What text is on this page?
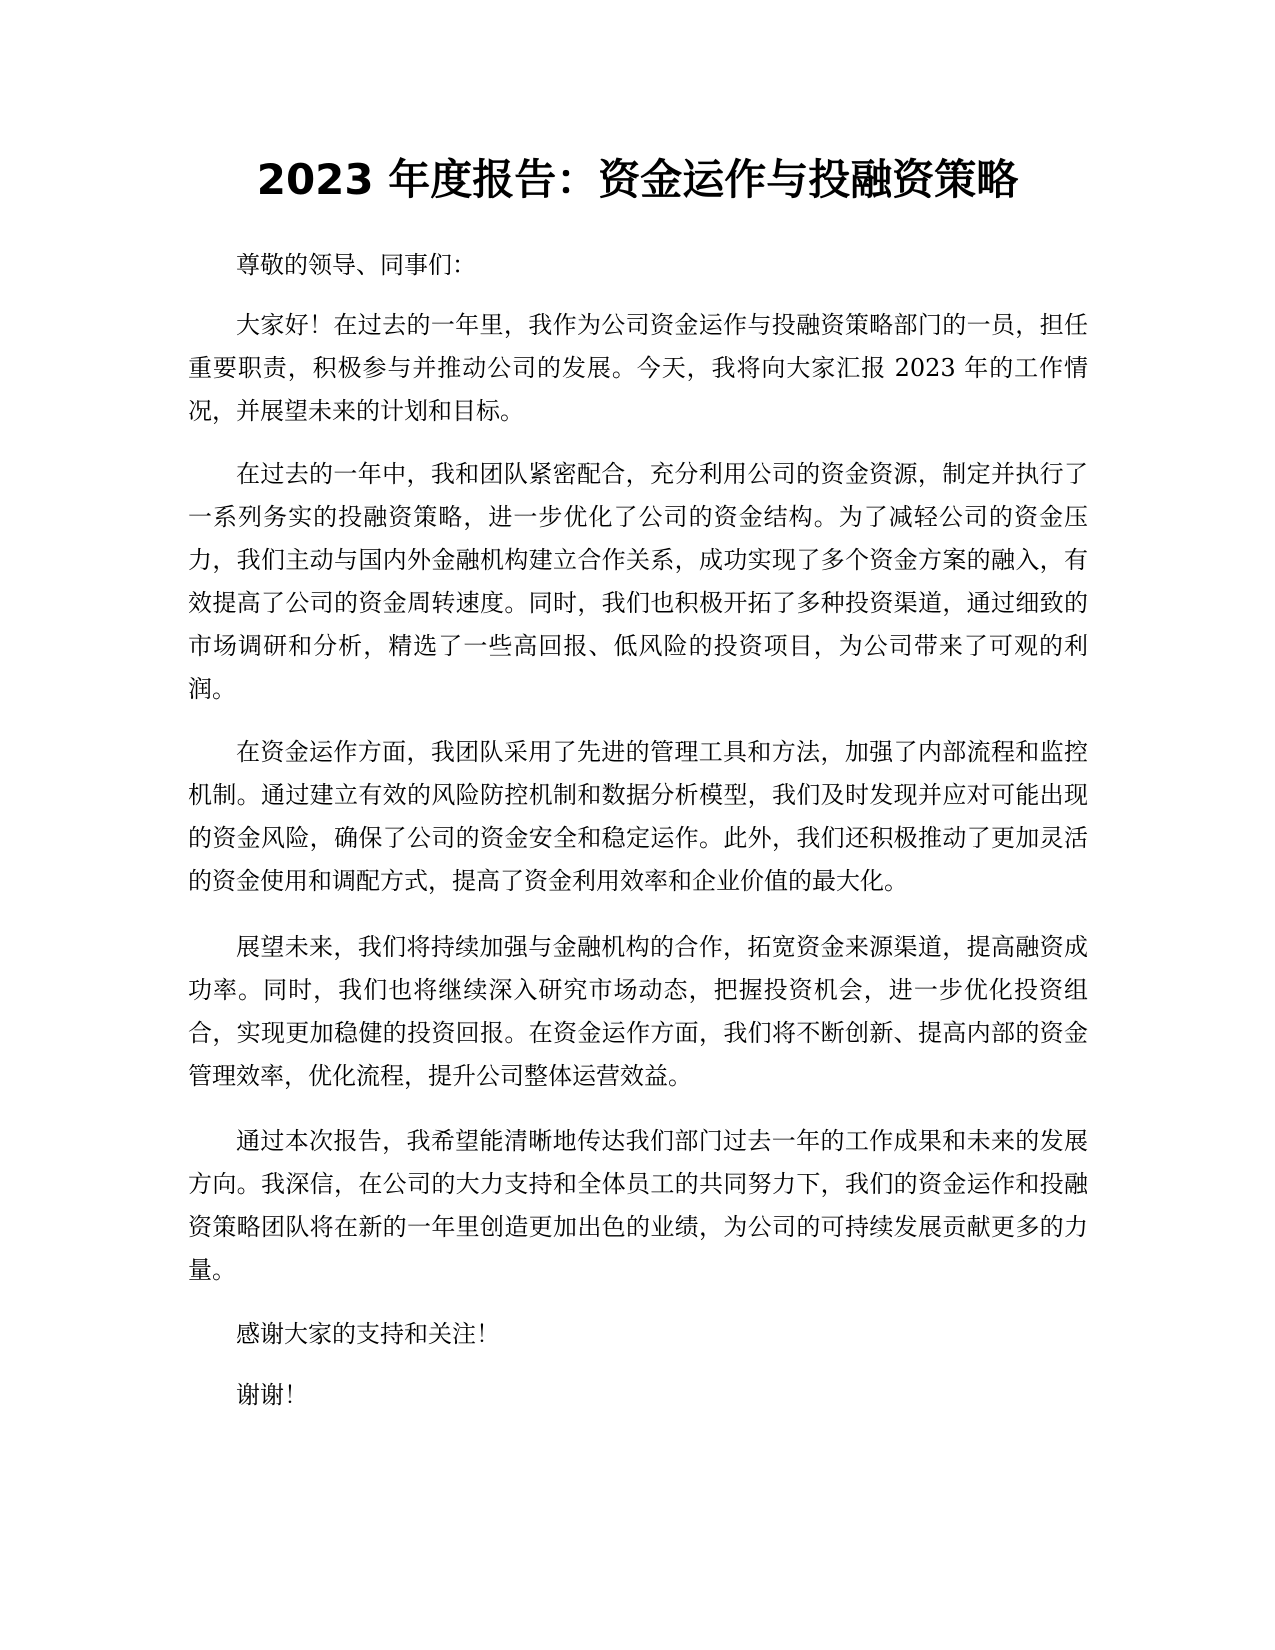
2023 年度报告：资金运作与投融资策略

尊敬的领导、同事们：

大家好！在过去的一年里，我作为公司资金运作与投融资策略部门的一员，担任重要职责，积极参与并推动公司的发展。今天，我将向大家汇报 2023 年的工作情况，并展望未来的计划和目标。

在过去的一年中，我和团队紧密配合，充分利用公司的资金资源，制定并执行了一系列务实的投融资策略，进一步优化了公司的资金结构。为了减轻公司的资金压力，我们主动与国内外金融机构建立合作关系，成功实现了多个资金方案的融入，有效提高了公司的资金周转速度。同时，我们也积极开拓了多种投资渠道，通过细致的市场调研和分析，精选了一些高回报、低风险的投资项目，为公司带来了可观的利润。

在资金运作方面，我团队采用了先进的管理工具和方法，加强了内部流程和监控机制。通过建立有效的风险防控机制和数据分析模型，我们及时发现并应对可能出现的资金风险，确保了公司的资金安全和稳定运作。此外，我们还积极推动了更加灵活的资金使用和调配方式，提高了资金利用效率和企业价值的最大化。

展望未来，我们将持续加强与金融机构的合作，拓宽资金来源渠道，提高融资成功率。同时，我们也将继续深入研究市场动态，把握投资机会，进一步优化投资组合，实现更加稳健的投资回报。在资金运作方面，我们将不断创新、提高内部的资金管理效率，优化流程，提升公司整体运营效益。

通过本次报告，我希望能清晰地传达我们部门过去一年的工作成果和未来的发展方向。我深信，在公司的大力支持和全体员工的共同努力下，我们的资金运作和投融资策略团队将在新的一年里创造更加出色的业绩，为公司的可持续发展贡献更多的力量。

感谢大家的支持和关注！

谢谢！
